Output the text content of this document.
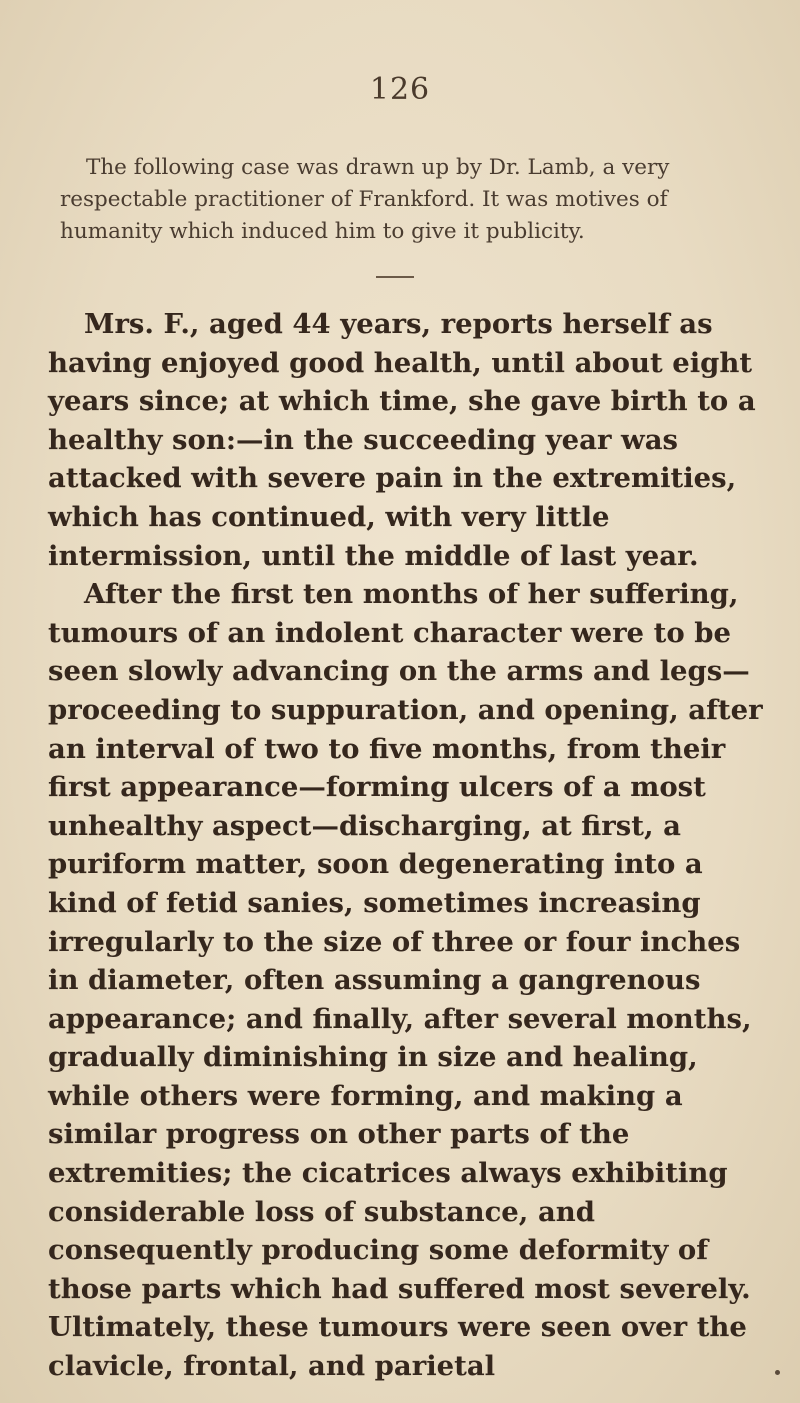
126

The following case was drawn up by Dr. Lamb, a very respectable practitioner of Frankford. It was motives of humanity which induced him to give it publicity.

Mrs. F., aged 44 years, reports herself as having enjoyed good health, until about eight years since; at which time, she gave birth to a healthy son:—in the succeeding year was attacked with severe pain in the extremities, which has continued, with very little intermission, until the middle of last year.

After the first ten months of her suffering, tumours of an indolent character were to be seen slowly advancing on the arms and legs—proceeding to suppuration, and opening, after an interval of two to five months, from their first appearance—forming ulcers of a most unhealthy aspect—discharging, at first, a puriform matter, soon degenerating into a kind of fetid sanies, sometimes increasing irregularly to the size of three or four inches in diameter, often assuming a gangrenous appearance; and finally, after several months, gradually diminishing in size and healing, while others were forming, and making a similar progress on other parts of the extremities; the cicatrices always exhibiting considerable loss of substance, and consequently producing some deformity of those parts which had suffered most severely. Ultimately, these tumours were seen over the clavicle, frontal, and parietal
